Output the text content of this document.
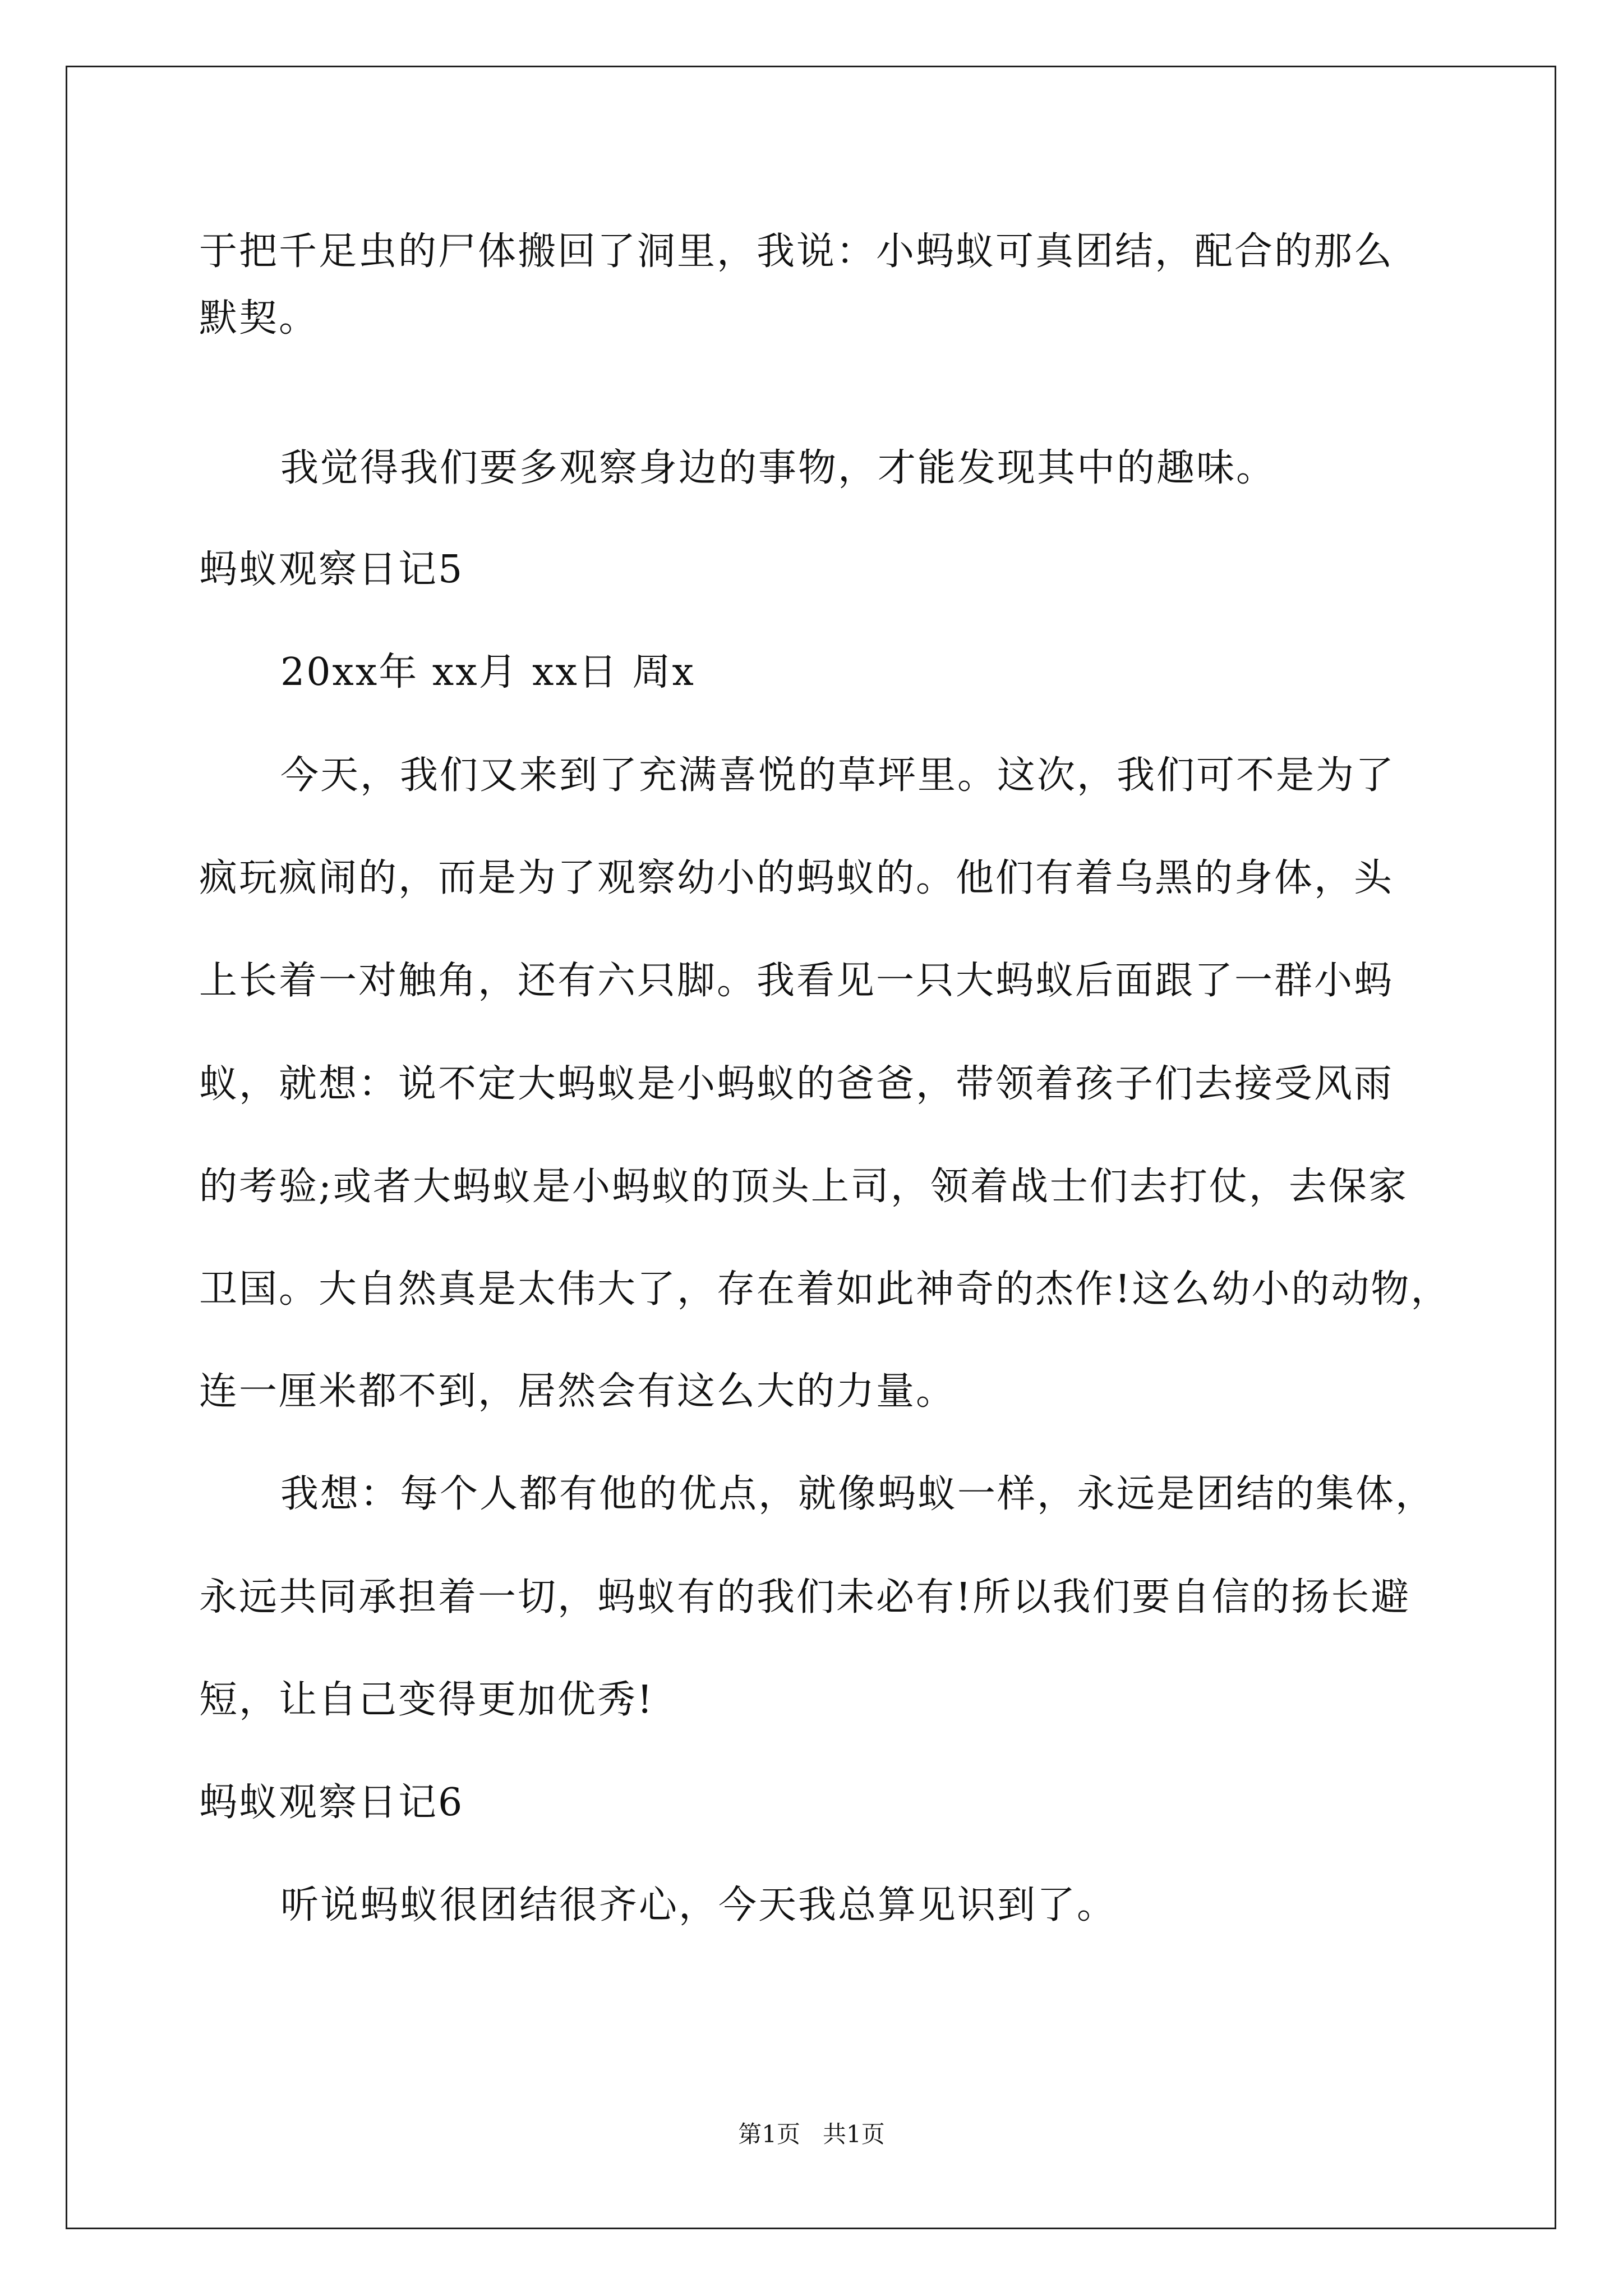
于把千足虫的尸体搬回了洞里，我说：小蚂蚁可真团结，配合的那么

默契。

我觉得我们要多观察身边的事物，才能发现其中的趣味。

蚂蚁观察日记5

20xx年 xx月 xx日 周x

今天，我们又来到了充满喜悦的草坪里。这次，我们可不是为了

疯玩疯闹的，而是为了观察幼小的蚂蚁的。他们有着乌黑的身体，头

上长着一对触角，还有六只脚。我看见一只大蚂蚁后面跟了一群小蚂

蚁，就想：说不定大蚂蚁是小蚂蚁的爸爸，带领着孩子们去接受风雨

的考验;或者大蚂蚁是小蚂蚁的顶头上司，领着战士们去打仗，去保家

卫国。大自然真是太伟大了，存在着如此神奇的杰作!这么幼小的动物，

连一厘米都不到，居然会有这么大的力量。

我想：每个人都有他的优点，就像蚂蚁一样，永远是团结的集体，

永远共同承担着一切，蚂蚁有的我们未必有!所以我们要自信的扬长避

短，让自己变得更加优秀!

蚂蚁观察日记6

听说蚂蚁很团结很齐心，今天我总算见识到了。

第1页   共1页
